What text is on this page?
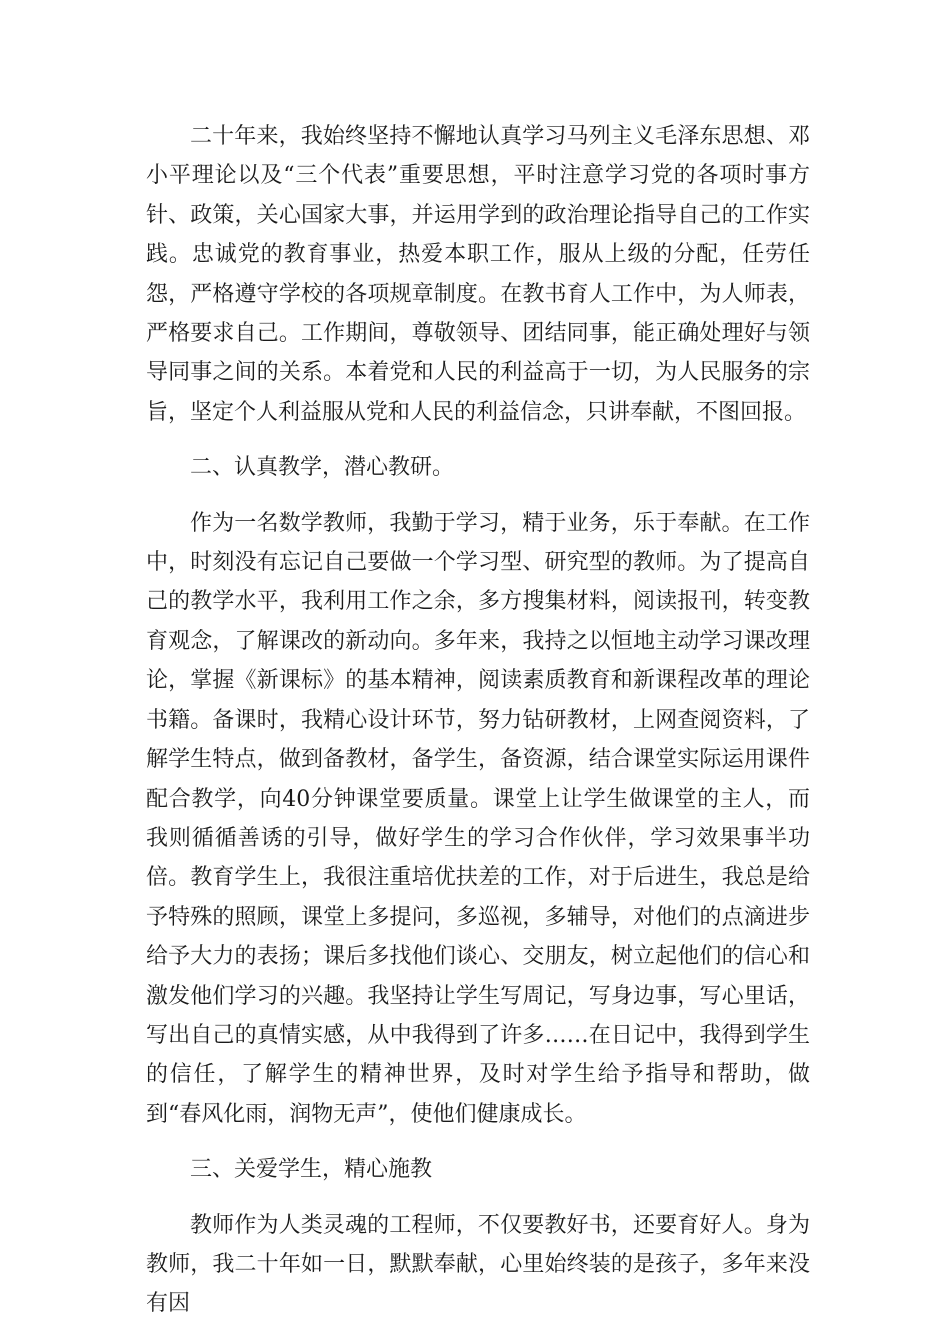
二十年来，我始终坚持不懈地认真学习马列主义毛泽东思想、邓小平理论以及“三个代表”重要思想，平时注意学习党的各项时事方针、政策，关心国家大事，并运用学到的政治理论指导自己的工作实践。忠诚党的教育事业，热爱本职工作，服从上级的分配，任劳任怨，严格遵守学校的各项规章制度。在教书育人工作中，为人师表，严格要求自己。工作期间，尊敬领导、团结同事，能正确处理好与领导同事之间的关系。本着党和人民的利益高于一切，为人民服务的宗旨，坚定个人利益服从党和人民的利益信念，只讲奉献，不图回报。

二、认真教学，潜心教研。

作为一名数学教师，我勤于学习，精于业务，乐于奉献。在工作中，时刻没有忘记自己要做一个学习型、研究型的教师。为了提高自己的教学水平，我利用工作之余，多方搜集材料，阅读报刊，转变教育观念，了解课改的新动向。多年来，我持之以恒地主动学习课改理论，掌握《新课标》的基本精神，阅读素质教育和新课程改革的理论书籍。备课时，我精心设计环节，努力钻研教材，上网查阅资料，了解学生特点，做到备教材，备学生，备资源，结合课堂实际运用课件配合教学，向40分钟课堂要质量。课堂上让学生做课堂的主人，而我则循循善诱的引导，做好学生的学习合作伙伴，学习效果事半功倍。教育学生上，我很注重培优扶差的工作，对于后进生，我总是给予特殊的照顾，课堂上多提问，多巡视，多辅导，对他们的点滴进步给予大力的表扬；课后多找他们谈心、交朋友，树立起他们的信心和激发他们学习的兴趣。我坚持让学生写周记，写身边事，写心里话，写出自己的真情实感，从中我得到了许多……在日记中，我得到学生的信任，了解学生的精神世界，及时对学生给予指导和帮助，做到“春风化雨，润物无声”，使他们健康成长。

三、关爱学生，精心施教

教师作为人类灵魂的工程师，不仅要教好书，还要育好人。身为教师，我二十年如一日，默默奉献，心里始终装的是孩子，多年来没有因
